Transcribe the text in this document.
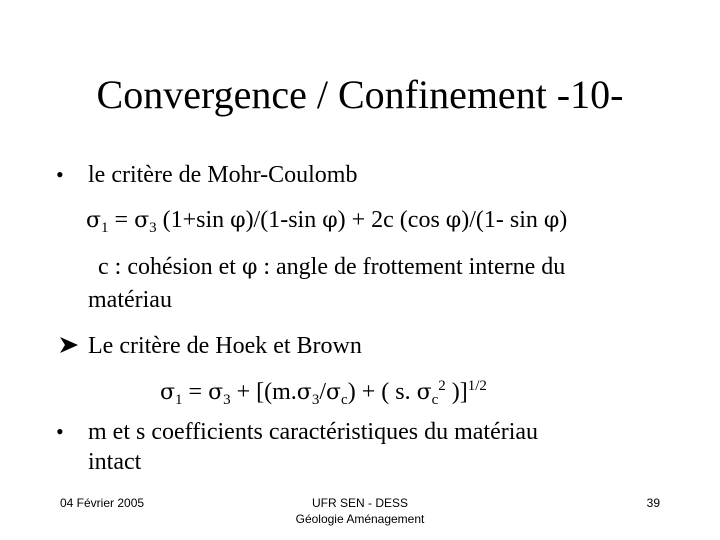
Convergence / Confinement -10-
• le critère de Mohr-Coulomb
$\sigma_1 = \sigma_3$ (1+sin φ)/(1-sin φ) + 2c (cos φ)/(1- sin φ)
c : cohésion et φ : angle de frottement interne du
matériau
Le critère de Hoek et Brown
$\sigma_1 = \sigma_3 + [(m.\sigma_3/\sigma_c)$ + ( s. $\sigma_c^2$ )]$^{1/2}$
• m et s coefficients caractéristiques du matériau
intact
04 Février 2005	UFR SEN - DESS
Géologie Aménagement
39
